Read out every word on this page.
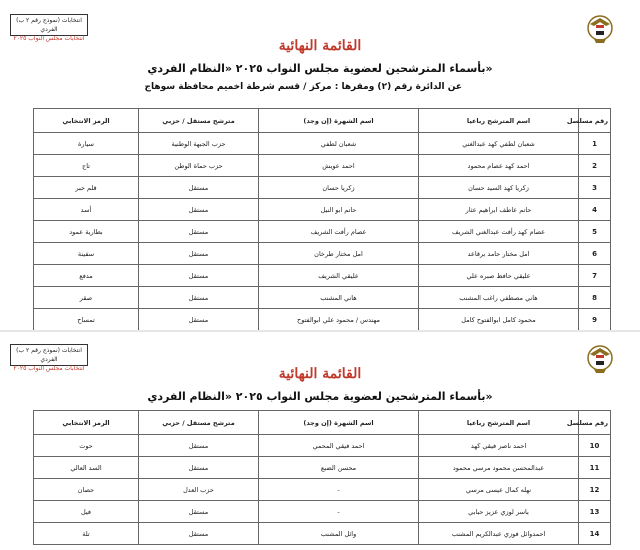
(نموذج رقم ٢ ب) انتخابات الفردي
انتخابات مجلس النواب ٢٠٢٥	القائمة النهائية
بأسماء المترشحين لعضوية مجلس النواب ٢٠٢٥ «النظام الفردي»
عن الدائرة رقم (٢) ومقرها : مركز / قسم شرطة اخميم محافظة سوهاج
رقم مسلسل	اسم المترشح رباعيا	اسم الشهرة (إن وجد)	مترشح مستقل / حزبي	الرمز الانتخابي
1	شعبان لطفي كهد عبدالغني	شعبان لطفي	حزب الجبهة الوطنية	سيارة
2	احمد كهد عصام محمود	احمد عويش	حزب حماة الوطن	تاج
3	زكريا كهد السيد حسان	زكريا حسان	مستقل	قلم حبر
4	حاتم عاطف ابراهيم عثار	حاتم ابو النيل	مستقل	أسد
5	عصام كهد رأفت عبدالغني الشريف	عصام رأفت الشريف	مستقل	بطارية عمود
6	امل مختار حامد برقاعد	امل مختار طرخان	مستقل	سفينة
7	عليقي حافظ صبره علي	عليقي الشريف	مستقل	مدفع
8	هاني مصطفي راغب المشنب	هاني المشنب	مستقل	صقر
9	محمود كامل ابوالفتوح كامل	مهندس / محمود علي ابوالفتوح	مستقل	تمساح
(نموذج رقم ٢ ب) انتخابات الفردي
انتخابات مجلس النواب ٢٠٢٥	القائمة النهائية
بأسماء المترشحين لعضوية مجلس النواب ٢٠٢٥ «النظام الفردي»
رقم مسلسل	اسم المترشح رباعيا	اسم الشهرة (إن وجد)	مترشح مستقل / حزبي	الرمز الانتخابي
10	احمد ناصر فيقي كهد	احمد فيقي المحمي	مستقل	حوت
11	عبدالمحسن محمود مرسي محمود	محسن الضبع	مستقل	السد العالي
12	نهله كمال عيسى مرسي	-	حزب العدل	حصان
13	ياسر لوزي عزيز حبابي	-	مستقل	فيل
14	احمدوائل فوزي عبدالكريم المشنب	وائل المشنب	مستقل	تلة
